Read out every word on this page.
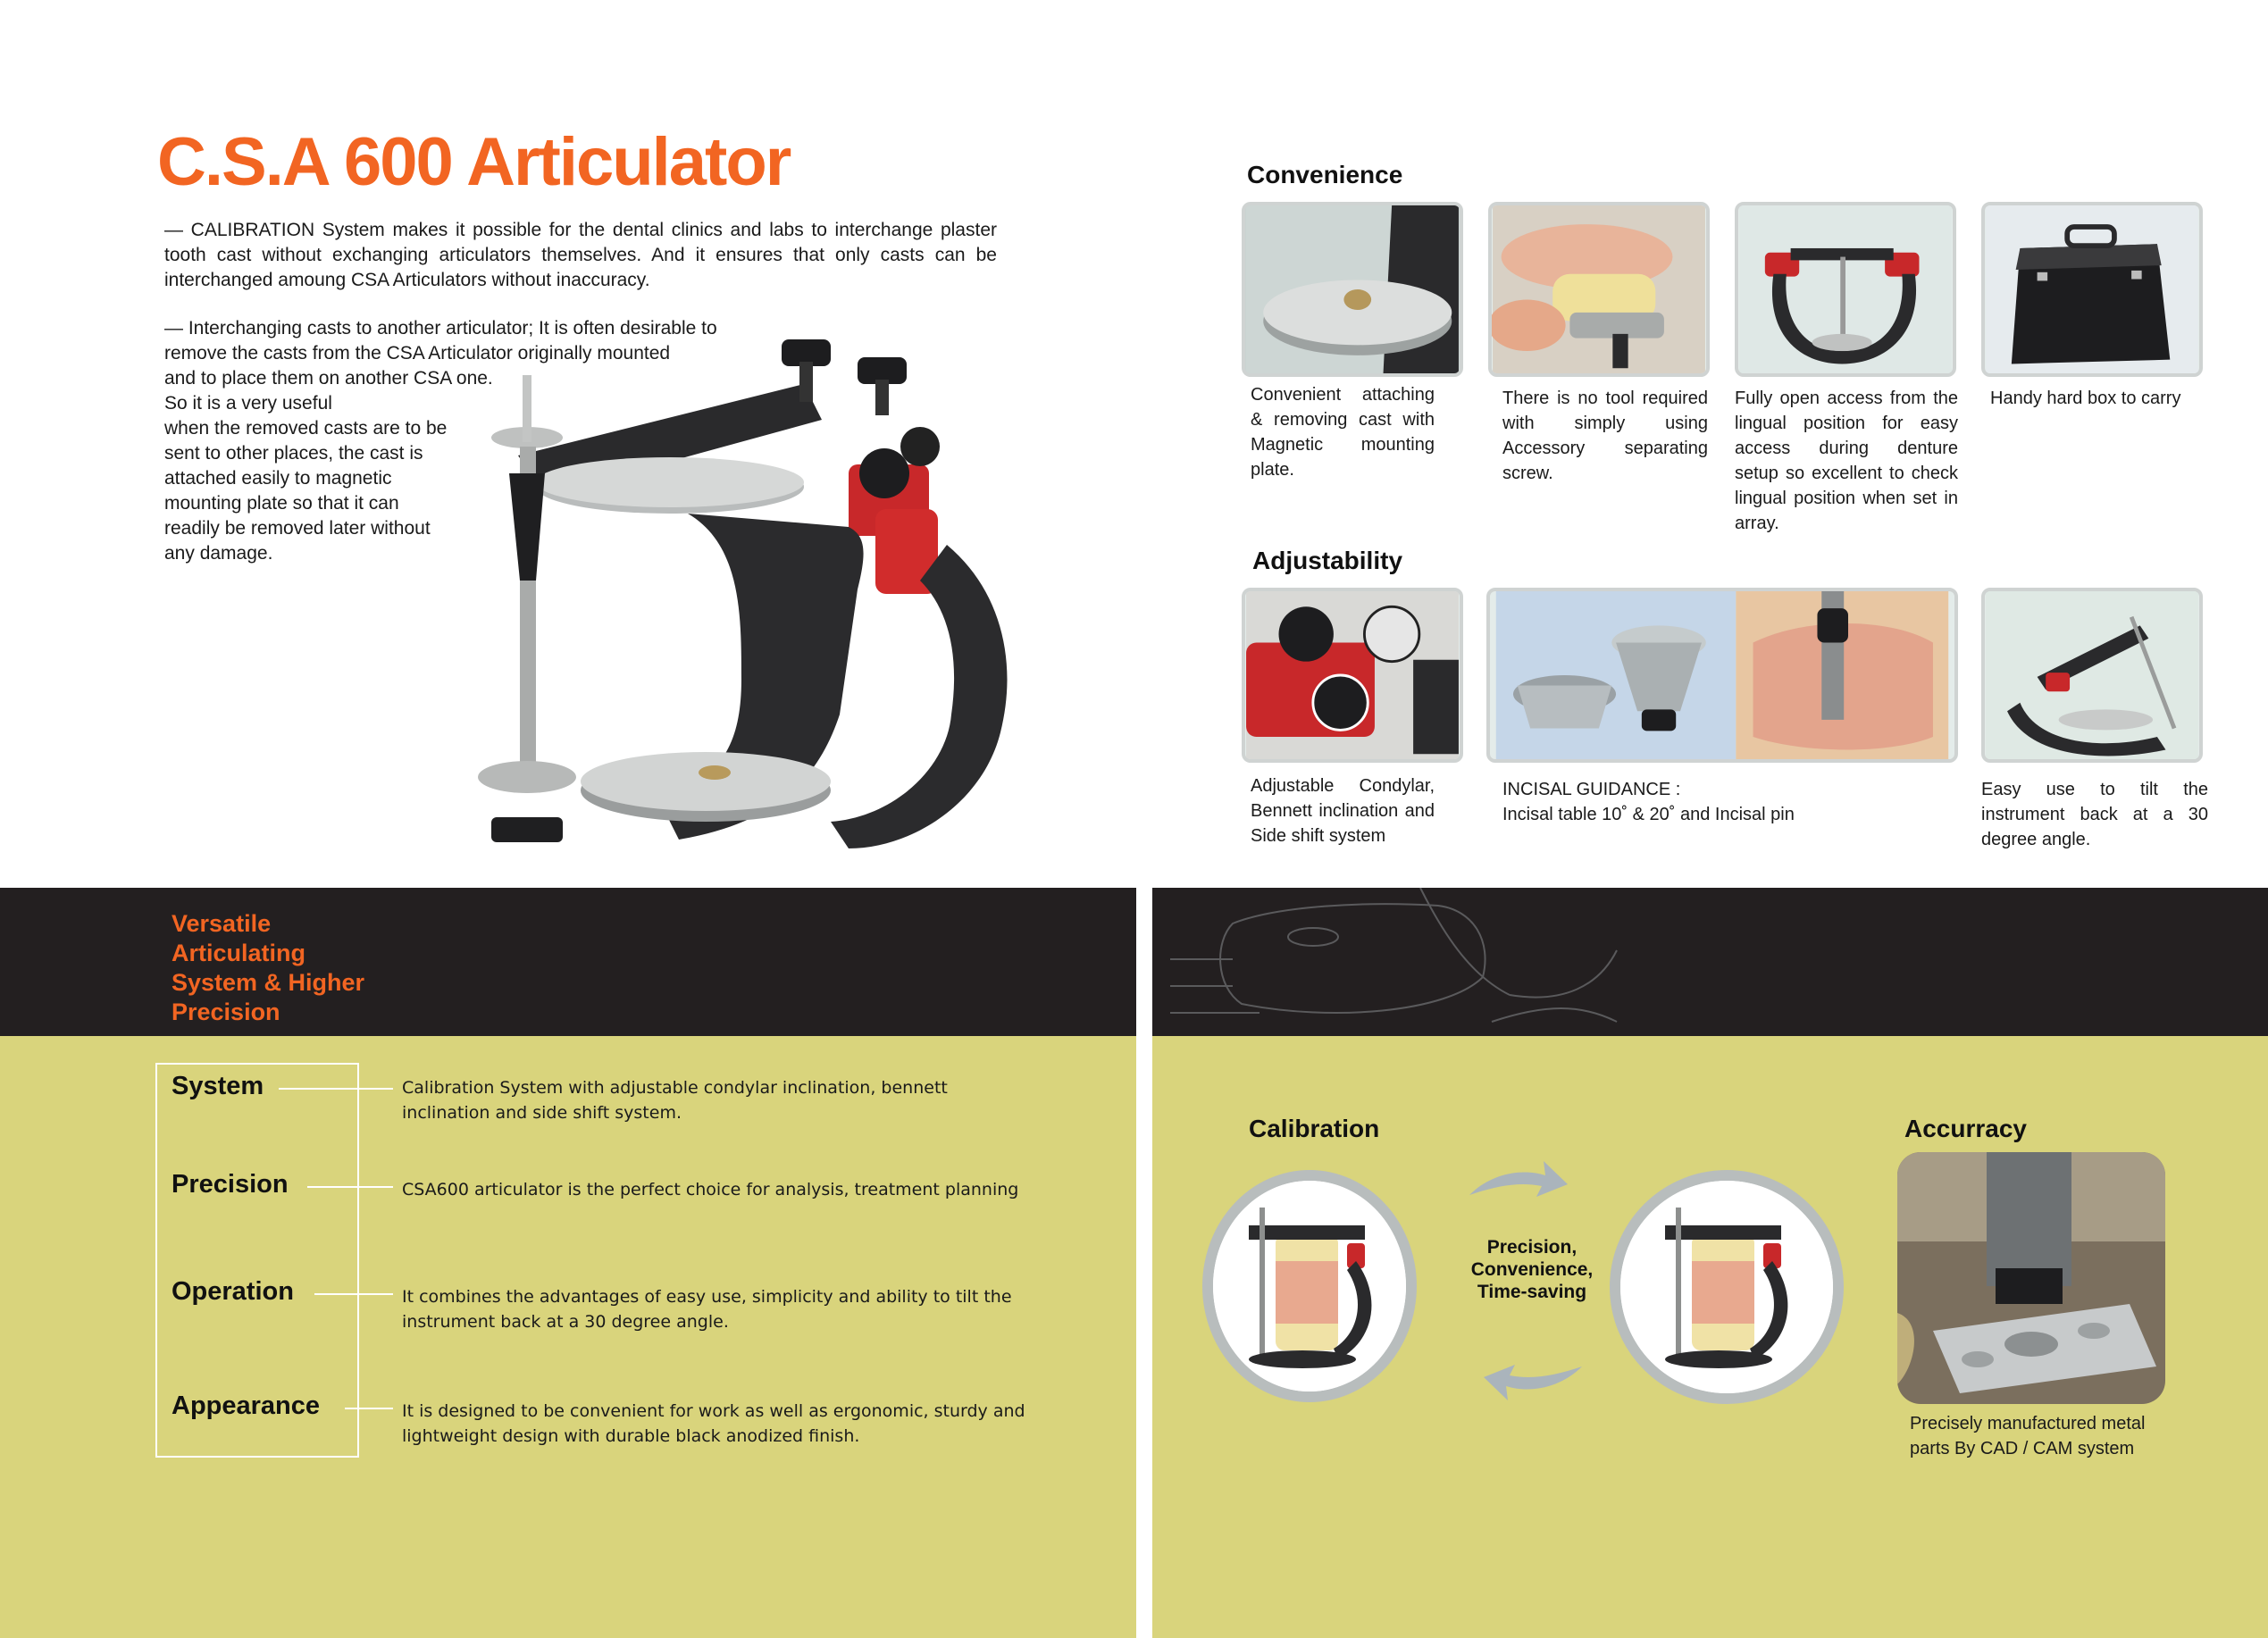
C.S.A 600 Articulator
— CALIBRATION System makes it possible for the dental clinics and labs to interchange plaster tooth cast without exchanging articulators themselves. And it ensures that only casts can be interchanged amoung CSA Articulators without inaccuracy.

— Interchanging casts to another articulator; It is often desirable to
remove the casts from the CSA Articulator originally mounted
and to place them on another CSA one.
So it is a very useful
when the removed casts are to be
sent to other places, the cast is
attached easily to magnetic
mounting plate so that it can
readily be removed later without
any damage.

Convenience
Convenient attaching & removing cast with Magnetic mounting plate.
There is no tool required with simply using Accessory separating screw.
Fully open access from the lingual position for easy access during denture setup so excellent to check lingual position when set in array.
Handy hard box to carry
Adjustability
Adjustable Condylar, Bennett inclination and Side shift system
INCISAL GUIDANCE :
Incisal table 10˚ & 20˚ and Incisal pin
Easy use to tilt the instrument back at a 30 degree angle.
Versatile
Articulating
System & Higher
Precision
System	Calibration System with adjustable condylar inclination, bennett inclination and side shift system.
Precision	CSA600 articulator is the perfect choice for analysis, treatment planning
Operation	It combines the advantages of easy use, simplicity and ability to tilt the instrument back at a 30 degree angle.
Appearance	It is designed to be convenient for work as well as ergonomic, sturdy and lightweight design with durable black anodized finish.
Calibration	Accurracy
Precision,
Convenience,
Time-saving
Precisely manufactured metal parts By CAD / CAM system
